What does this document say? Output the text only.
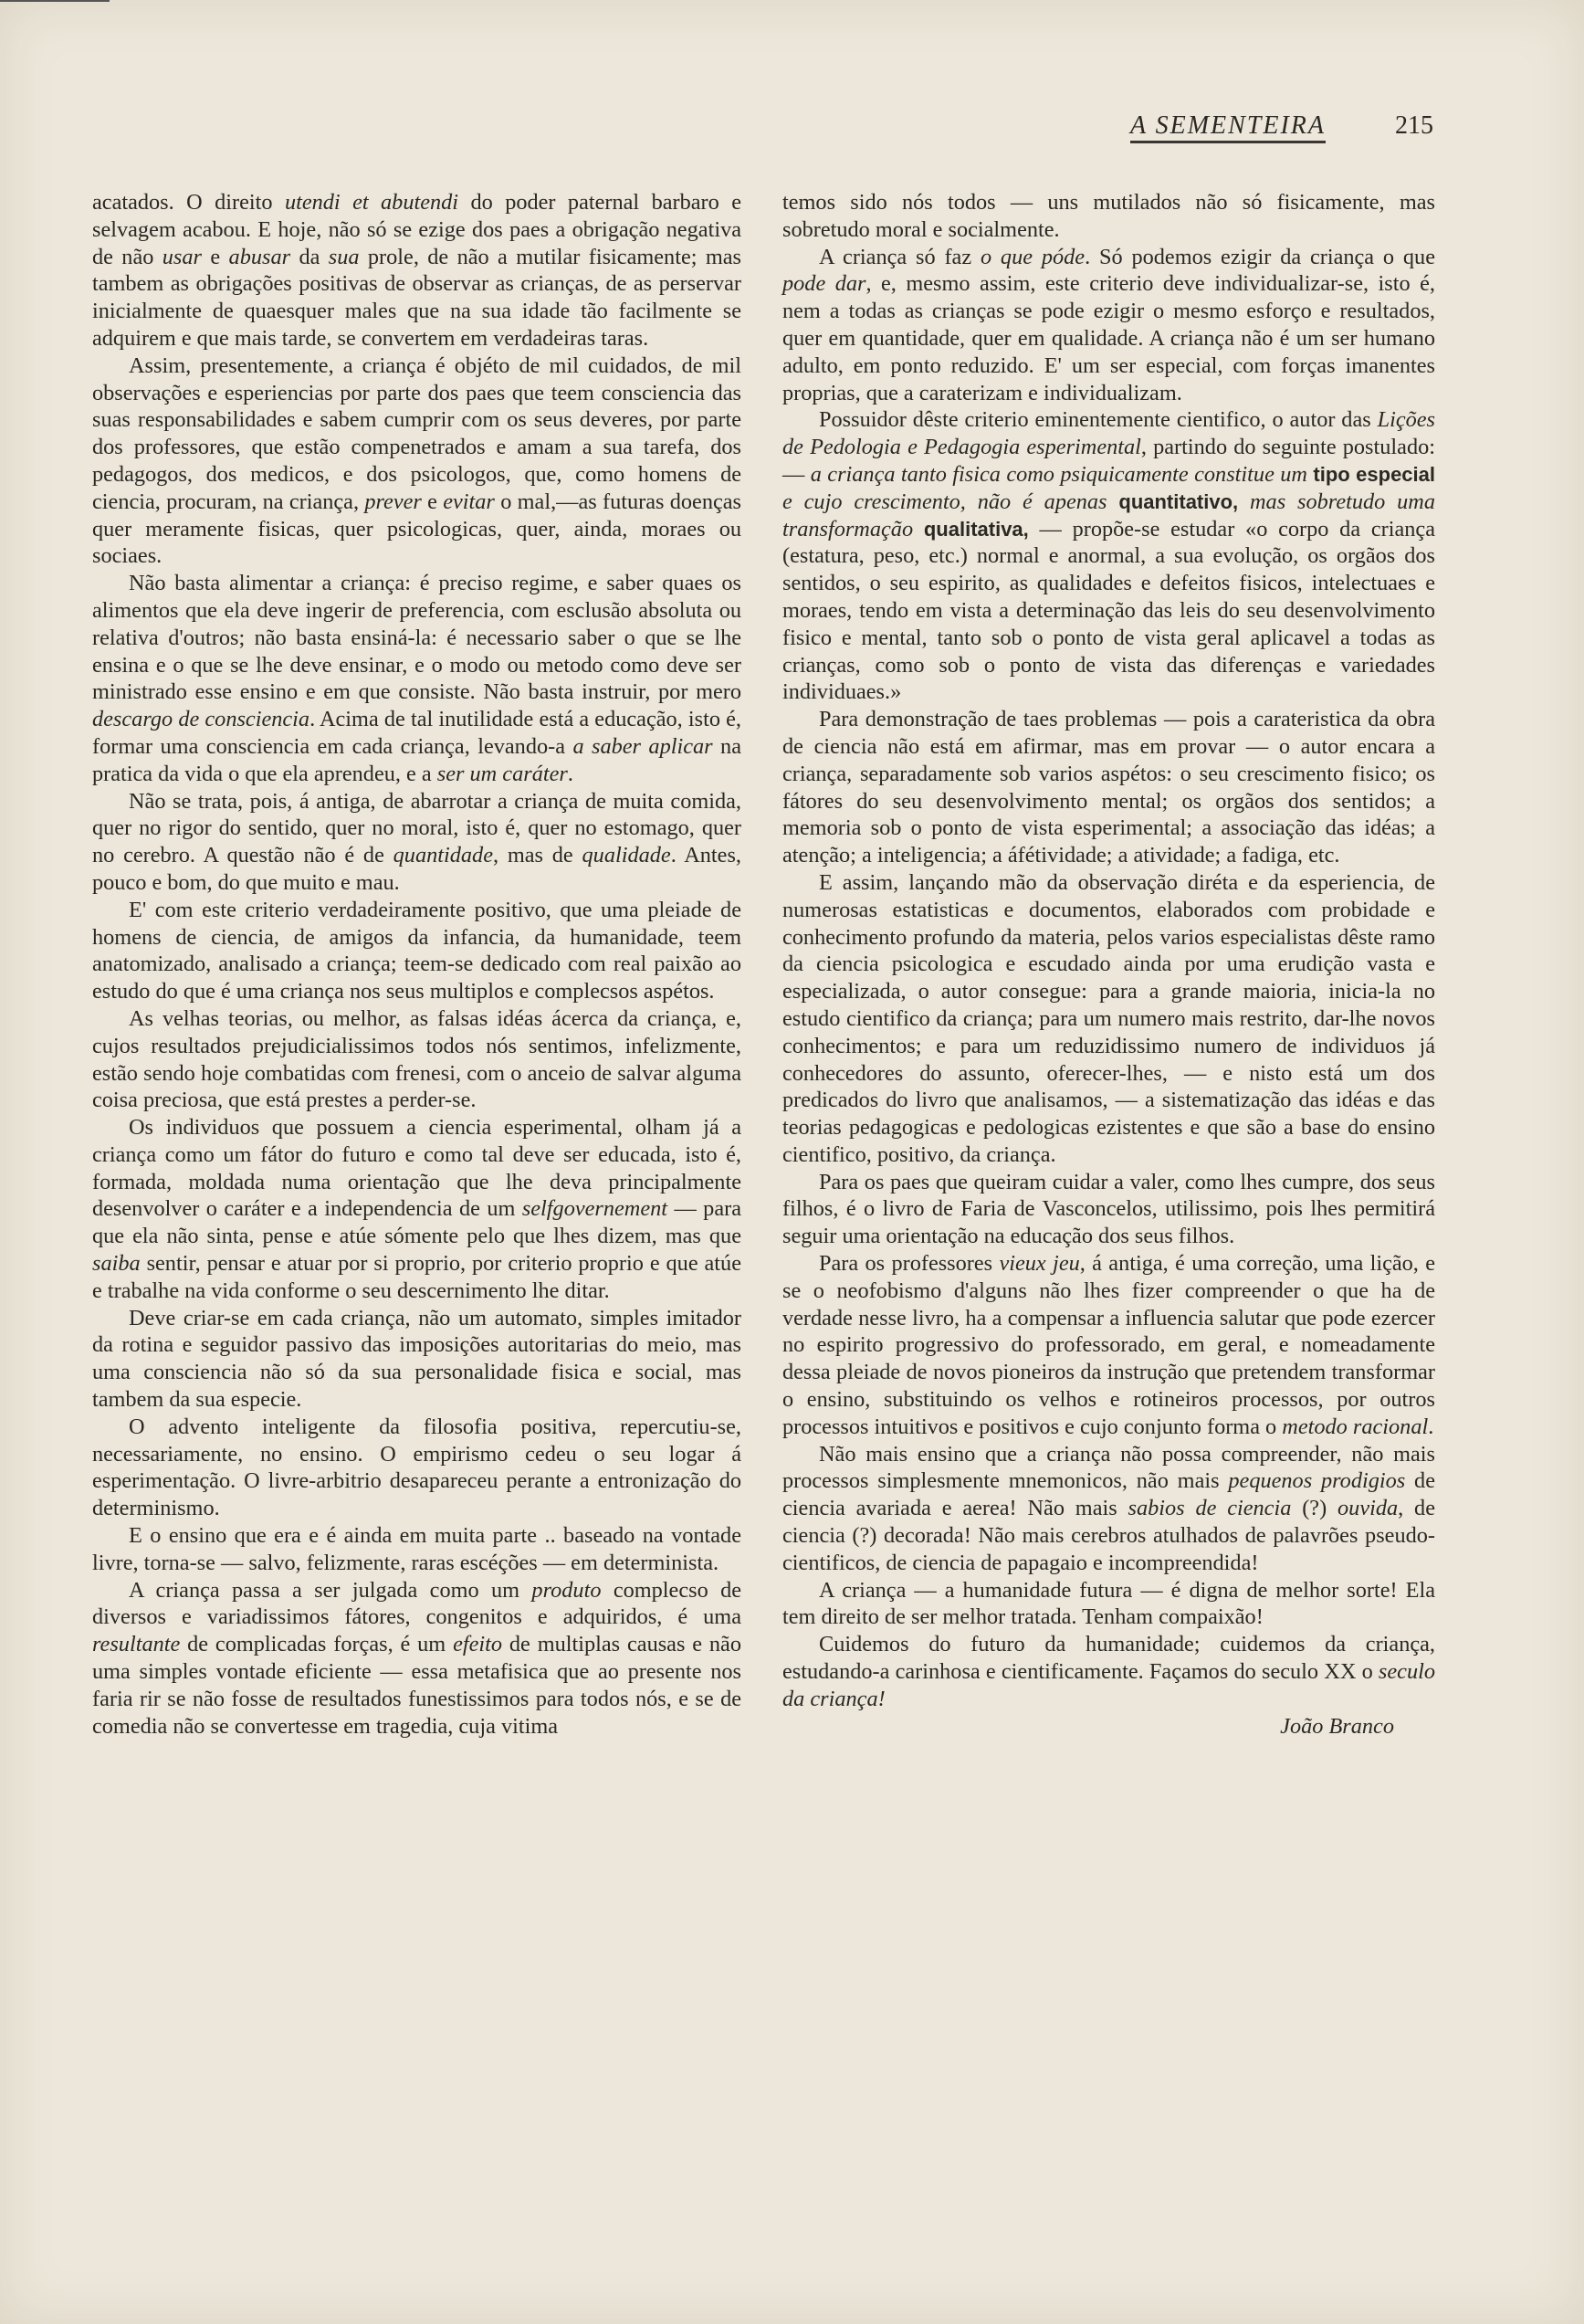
A SEMENTEIRA	215

acatados. O direito utendi et abutendi do poder paternal barbaro e selvagem acabou. E hoje, não só se ezige dos paes a obrigação negativa de não usar e abusar da sua prole, de não a mutilar fisicamente; mas tambem as obrigações positivas de observar as crianças, de as perservar inicialmente de quaesquer males que na sua idade tão facilmente se adquirem e que mais tarde, se convertem em verdadeiras taras.

Assim, presentemente, a criança é objéto de mil cuidados, de mil observações e esperiencias por parte dos paes que teem consciencia das suas responsabilidades e sabem cumprir com os seus deveres, por parte dos professores, que estão compenetrados e amam a sua tarefa, dos pedagogos, dos medicos, e dos psicologos, que, como homens de ciencia, procuram, na criança, prever e evitar o mal,—as futuras doenças quer meramente fisicas, quer psicologicas, quer, ainda, moraes ou sociaes.

Não basta alimentar a criança: é preciso regime, e saber quaes os alimentos que ela deve ingerir de preferencia, com esclusão absoluta ou relativa d'outros; não basta ensiná-la: é necessario saber o que se lhe ensina e o que se lhe deve ensinar, e o modo ou metodo como deve ser ministrado esse ensino e em que consiste. Não basta instruir, por mero descargo de consciencia. Acima de tal inutilidade está a educação, isto é, formar uma consciencia em cada criança, levando-a a saber aplicar na pratica da vida o que ela aprendeu, e a ser um caráter.

Não se trata, pois, á antiga, de abarrotar a criança de muita comida, quer no rigor do sentido, quer no moral, isto é, quer no estomago, quer no cerebro. A questão não é de quantidade, mas de qualidade. Antes, pouco e bom, do que muito e mau.

E' com este criterio verdadeiramente positivo, que uma pleiade de homens de ciencia, de amigos da infancia, da humanidade, teem anatomizado, analisado a criança; teem-se dedicado com real paixão ao estudo do que é uma criança nos seus multiplos e complecsos aspétos.

As velhas teorias, ou melhor, as falsas idéas ácerca da criança, e, cujos resultados prejudicialissimos todos nós sentimos, infelizmente, estão sendo hoje combatidas com frenesi, com o anceio de salvar alguma coisa preciosa, que está prestes a perder-se.

Os individuos que possuem a ciencia esperimental, olham já a criança como um fátor do futuro e como tal deve ser educada, isto é, formada, moldada numa orientação que lhe deva principalmente desenvolver o caráter e a independencia de um selfgovernement — para que ela não sinta, pense e atúe sómente pelo que lhes dizem, mas que saiba sentir, pensar e atuar por si proprio, por criterio proprio e que atúe e trabalhe na vida conforme o seu descernimento lhe ditar.

Deve criar-se em cada criança, não um automato, simples imitador da rotina e seguidor passivo das imposições autoritarias do meio, mas uma consciencia não só da sua personalidade fisica e social, mas tambem da sua especie.

O advento inteligente da filosofia positiva, repercutiu-se, necessariamente, no ensino. O empirismo cedeu o seu logar á esperimentação. O livre-arbitrio desapareceu perante a entronização do determinismo.

E o ensino que era e é ainda em muita parte .. baseado na vontade livre, torna-se — salvo, felizmente, raras escéções — em determinista.

A criança passa a ser julgada como um produto complecso de diversos e variadissimos fátores, congenitos e adquiridos, é uma resultante de complicadas forças, é um efeito de multiplas causas e não uma simples vontade eficiente — essa metafisica que ao presente nos faria rir se não fosse de resultados funestissimos para todos nós, e se de comedia não se convertesse em tragedia, cuja vitima

temos sido nós todos — uns mutilados não só fisicamente, mas sobretudo moral e socialmente.

A criança só faz o que póde. Só podemos ezigir da criança o que pode dar, e, mesmo assim, este criterio deve individualizar-se, isto é, nem a todas as crianças se pode ezigir o mesmo esforço e resultados, quer em quantidade, quer em qualidade. A criança não é um ser humano adulto, em ponto reduzido. E' um ser especial, com forças imanentes proprias, que a caraterizam e individualizam.

Possuidor dêste criterio eminentemente cientifico, o autor das Lições de Pedologia e Pedagogia esperimental, partindo do seguinte postulado: — a criança tanto fisica como psiquicamente constitue um tipo especial e cujo crescimento, não é apenas quantitativo, mas sobretudo uma transformação qualitativa, — propõe-se estudar «o corpo da criança (estatura, peso, etc.) normal e anormal, a sua evolução, os orgãos dos sentidos, o seu espirito, as qualidades e defeitos fisicos, intelectuaes e moraes, tendo em vista a determinação das leis do seu desenvolvimento fisico e mental, tanto sob o ponto de vista geral aplicavel a todas as crianças, como sob o ponto de vista das diferenças e variedades individuaes.»

Para demonstração de taes problemas — pois a carateristica da obra de ciencia não está em afirmar, mas em provar — o autor encara a criança, separadamente sob varios aspétos: o seu crescimento fisico; os fátores do seu desenvolvimento mental; os orgãos dos sentidos; a memoria sob o ponto de vista esperimental; a associação das idéas; a atenção; a inteligencia; a áfétividade; a atividade; a fadiga, etc.

E assim, lançando mão da observação diréta e da esperiencia, de numerosas estatisticas e documentos, elaborados com probidade e conhecimento profundo da materia, pelos varios especialistas dêste ramo da ciencia psicologica e escudado ainda por uma erudição vasta e especializada, o autor consegue: para a grande maioria, inicia-la no estudo cientifico da criança; para um numero mais restrito, dar-lhe novos conhecimentos; e para um reduzidissimo numero de individuos já conhecedores do assunto, oferecer-lhes, — e nisto está um dos predicados do livro que analisamos, — a sistematização das idéas e das teorias pedagogicas e pedologicas ezistentes e que são a base do ensino cientifico, positivo, da criança.

Para os paes que queiram cuidar a valer, como lhes cumpre, dos seus filhos, é o livro de Faria de Vasconcelos, utilissimo, pois lhes permitirá seguir uma orientação na educação dos seus filhos.

Para os professores vieux jeu, á antiga, é uma correção, uma lição, e se o neofobismo d'alguns não lhes fizer compreender o que ha de verdade nesse livro, ha a compensar a influencia salutar que pode ezercer no espirito progressivo do professorado, em geral, e nomeadamente dessa pleiade de novos pioneiros da instrução que pretendem transformar o ensino, substituindo os velhos e rotineiros processos, por outros processos intuitivos e positivos e cujo conjunto forma o metodo racional.

Não mais ensino que a criança não possa compreender, não mais processos simplesmente mnemonicos, não mais pequenos prodigios de ciencia avariada e aerea! Não mais sabios de ciencia (?) ouvida, de ciencia (?) decorada! Não mais cerebros atulhados de palavrões pseudo-cientificos, de ciencia de papagaio e incompreendida!

A criança — a humanidade futura — é digna de melhor sorte! Ela tem direito de ser melhor tratada. Tenham compaixão!

Cuidemos do futuro da humanidade; cuidemos da criança, estudando-a carinhosa e cientificamente. Façamos do seculo XX o seculo da criança!

João Branco
